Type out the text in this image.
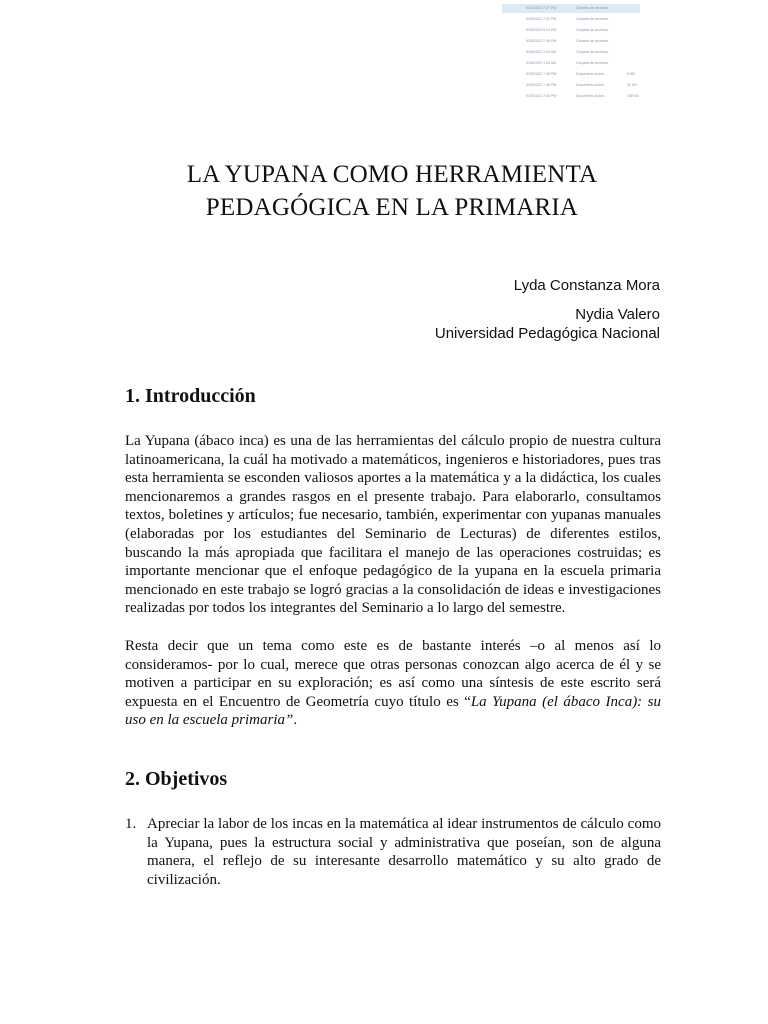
9/25/2023 7:27 PM	Carpeta de archivos
9/25/2023 7:22 PM	Carpeta de archivos
9/15/2023 8:13 PM	Carpeta de archivos
9/25/2023 7:46 PM	Carpeta de archivos
9/18/2023 1:04 AM	Carpeta de archivos
9/18/2023 1:04 AM	Carpeta de archivos
9/25/2023 7:48 PM	Documento Adob...	5 KB
9/25/2023 7:48 PM	Documento Adob...	30 KB
9/25/2023 7:50 PM	Documento Adob...	188 KB
LA YUPANA COMO HERRAMIENTA
PEDAGÓGICA EN LA PRIMARIA
Lyda Constanza Mora
Nydia Valero
Universidad Pedagógica Nacional
1. Introducción
La Yupana (ábaco inca) es una de las herramientas del cálculo propio de nuestra cultura latinoamericana, la cuál ha motivado a matemáticos, ingenieros e historiadores, pues tras esta herramienta se esconden valiosos aportes a la matemática y a la didáctica, los cuales mencionaremos a grandes rasgos en el presente trabajo. Para elaborarlo, consultamos textos, boletines y artículos; fue necesario, también, experimentar con yupanas manuales (elaboradas por los estudiantes del Seminario de Lecturas) de diferentes estilos, buscando la más apropiada que facilitara el manejo de las operaciones costruidas; es importante mencionar que el enfoque pedagógico de la yupana en la escuela primaria mencionado en este trabajo se logró gracias a la consolidación de ideas e investigaciones realizadas por todos los integrantes del Seminario a lo largo del semestre.
Resta decir que un tema como este es de bastante interés –o al menos así lo consideramos- por lo cual, merece que otras personas conozcan algo acerca de él y se motiven a participar en su exploración; es así como una síntesis de este escrito será expuesta en el Encuentro de Geometría cuyo título es “La Yupana (el ábaco Inca): su uso en la escuela primaria”.
2. Objetivos
1. Apreciar la labor de los incas en la matemática al idear instrumentos de cálculo como la Yupana, pues la estructura social y administrativa que poseían, son de alguna manera, el reflejo de su interesante desarrollo matemático y su alto grado de civilización.
